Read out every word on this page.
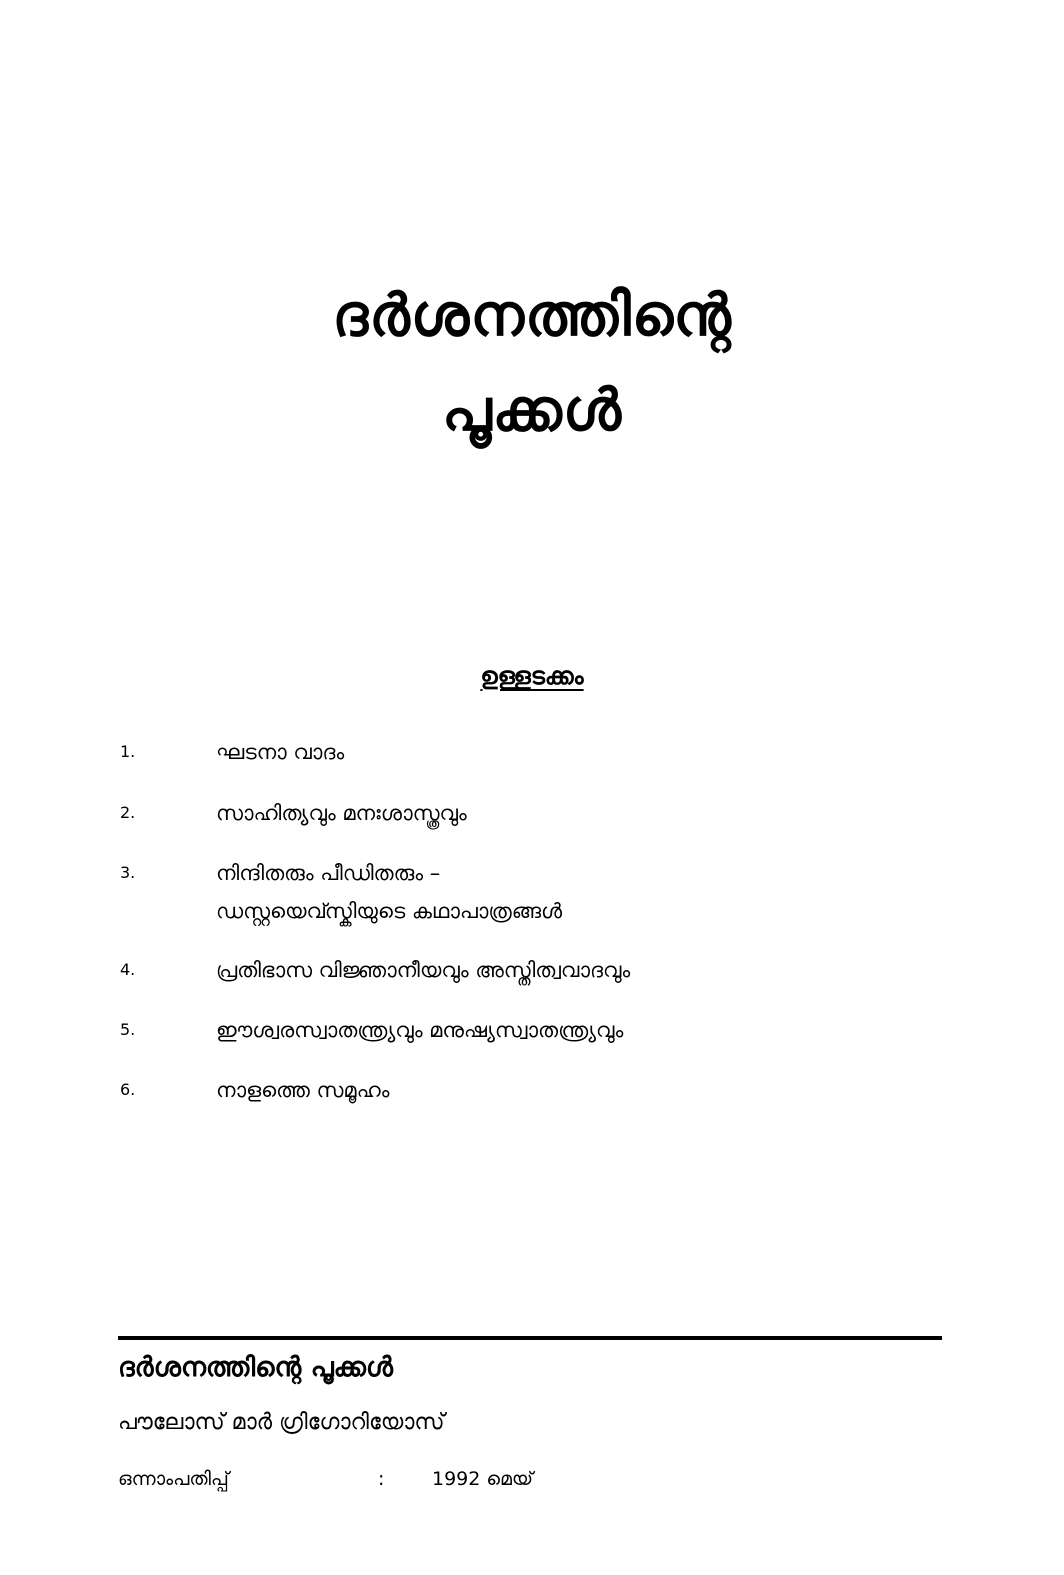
ദർശനത്തിന്റെ
പൂക്കൾ
ഉള്ളടക്കം
1.	ഘടനാ വാദം
2.	സാഹിത്യവും മനഃശാസ്ത്രവും
3.	നിന്ദിതരും പീഡിതരും –
ഡസ്റ്റയെവ്സ്കിയുടെ കഥാപാത്രങ്ങൾ
4.	പ്രതിഭാസ വിജ്ഞാനീയവും അസ്തിത്വവാദവും
5.	ഈശ്വരസ്വാതന്ത്ര്യവും മനുഷ്യസ്വാതന്ത്ര്യവും
6.	നാളത്തെ സമൂഹം
ദർശനത്തിന്റെ പൂക്കൾ
പൗലോസ് മാർ ഗ്രിഗോറിയോസ്
ഒന്നാംപതിപ്പ്	:	1992 മെയ്
